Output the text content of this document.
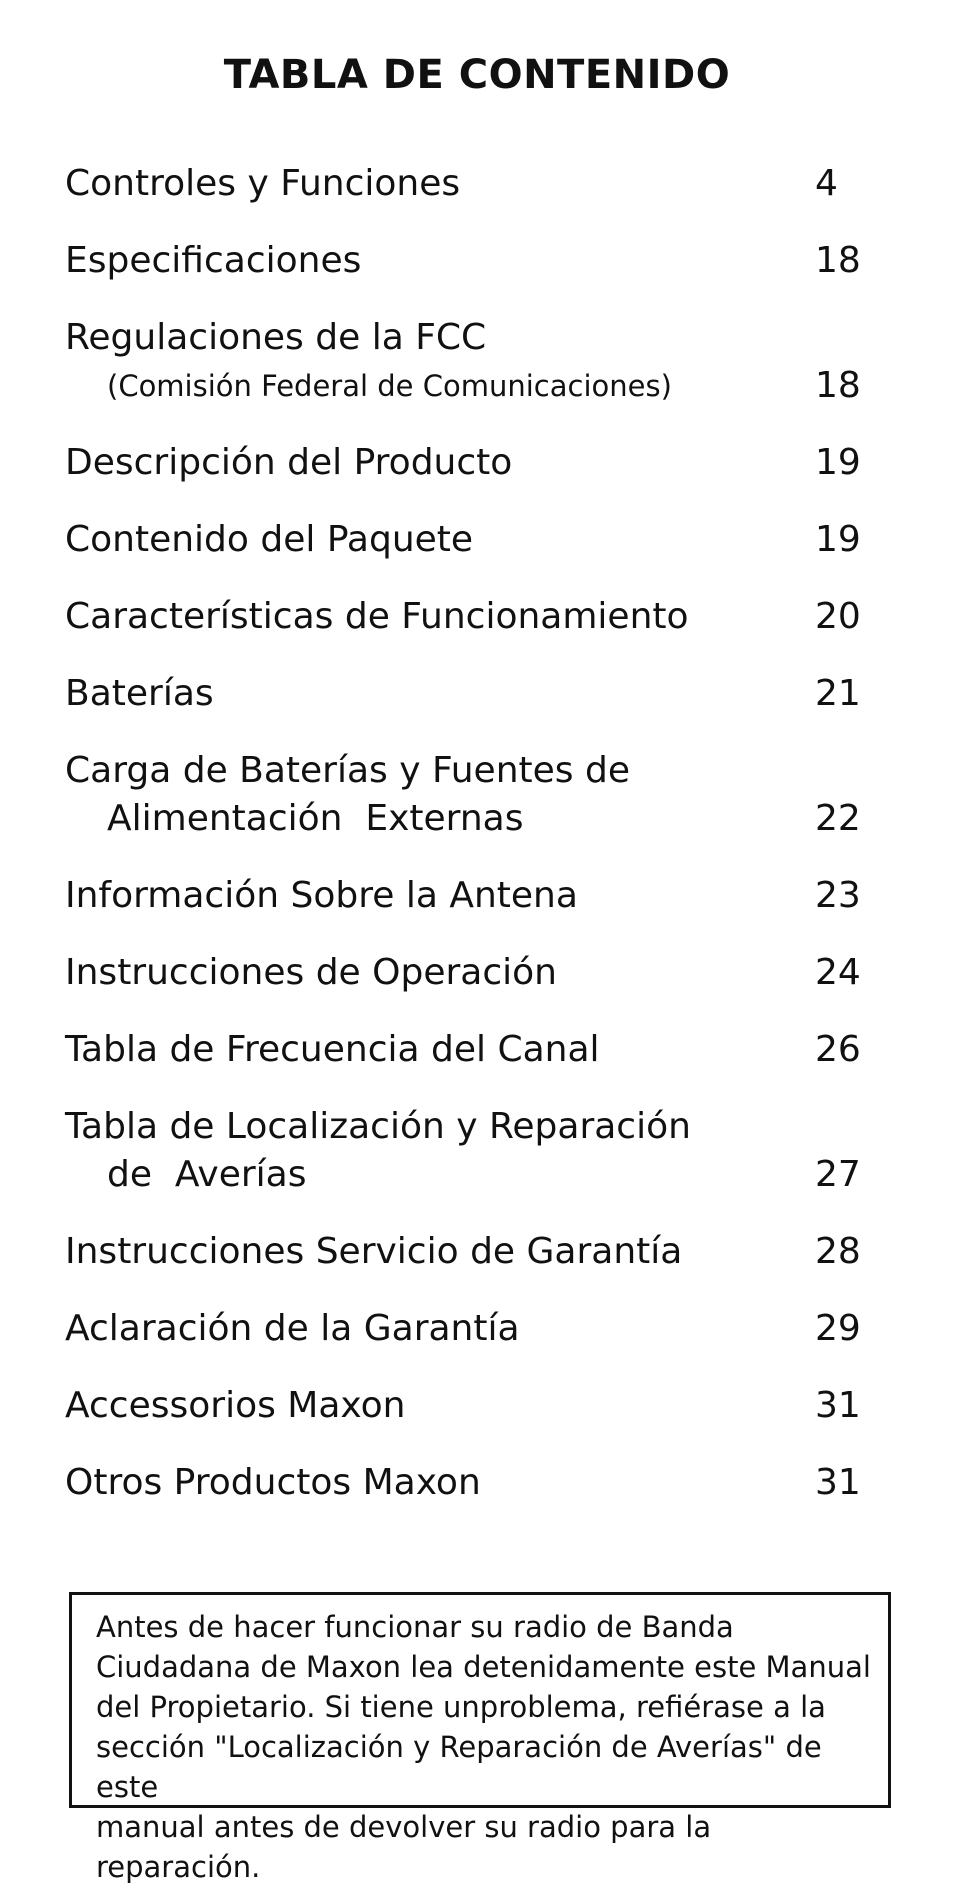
TABLA DE CONTENIDO
Controles y Funciones	4
Especificaciones	18
Regulaciones de la FCC
(Comisión Federal de Comunicaciones)	18
Descripción del Producto	19
Contenido del Paquete	19
Características de Funcionamiento	20
Baterías	21
Carga de Baterías y Fuentes de
Alimentación  Externas	22
Información Sobre la Antena	23
Instrucciones de Operación	24
Tabla de Frecuencia del Canal	26
Tabla de Localización y Reparación
de  Averías	27
Instrucciones Servicio de Garantía	28
Aclaración de la Garantía	29
Accessorios Maxon	31
Otros Productos Maxon	31
Antes de hacer funcionar su radio de Banda
Ciudadana de Maxon lea detenidamente este Manual
del Propietario. Si tiene unproblema, refiérase a la
sección "Localización y Reparación de Averías" de este
manual antes de devolver su radio para la reparación.
